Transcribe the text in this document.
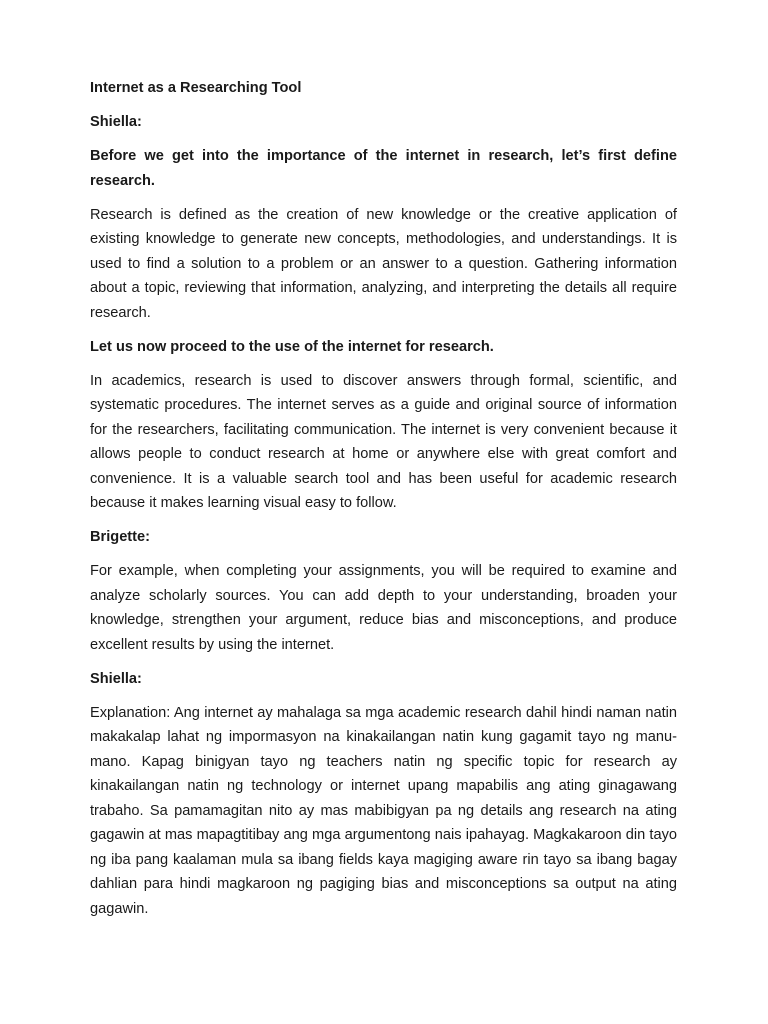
Internet as a Researching Tool

Shiella:

Before we get into the importance of the internet in research, let’s first define research.

Research is defined as the creation of new knowledge or the creative application of existing knowledge to generate new concepts, methodologies, and understandings. It is used to find a solution to a problem or an answer to a question. Gathering information about a topic, reviewing that information, analyzing, and interpreting the details all require research.

Let us now proceed to the use of the internet for research.

In academics, research is used to discover answers through formal, scientific, and systematic procedures. The internet serves as a guide and original source of information for the researchers, facilitating communication. The internet is very convenient because it allows people to conduct research at home or anywhere else with great comfort and convenience. It is a valuable search tool and has been useful for academic research because it makes learning visual easy to follow.

Brigette:

For example, when completing your assignments, you will be required to examine and analyze scholarly sources. You can add depth to your understanding, broaden your knowledge, strengthen your argument, reduce bias and misconceptions, and produce excellent results by using the internet.

Shiella:

Explanation: Ang internet ay mahalaga sa mga academic research dahil hindi naman natin makakalap lahat ng impormasyon na kinakailangan natin kung gagamit tayo ng manu-mano. Kapag binigyan tayo ng teachers natin ng specific topic for research ay kinakailangan natin ng technology or internet upang mapabilis ang ating ginagawang trabaho. Sa pamamagitan nito ay mas mabibigyan pa ng details ang research na ating gagawin at mas mapagtitibay ang mga argumentong nais ipahayag. Magkakaroon din tayo ng iba pang kaalaman mula sa ibang fields kaya magiging aware rin tayo sa ibang bagay dahlian para hindi magkaroon ng pagiging bias and misconceptions sa output na ating gagawin.
